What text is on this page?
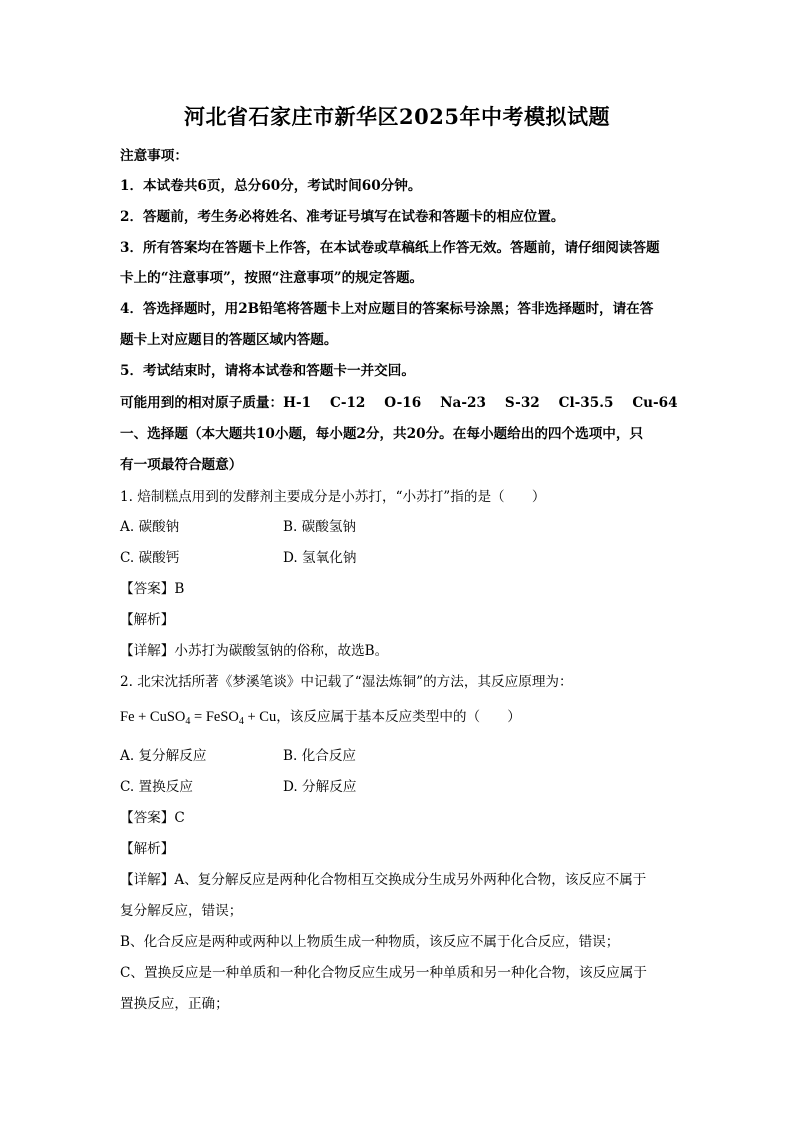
河北省石家庄市新华区2025年中考模拟试题
注意事项：
1．本试卷共6页，总分60分，考试时间60分钟。
2．答题前，考生务必将姓名、准考证号填写在试卷和答题卡的相应位置。
3．所有答案均在答题卡上作答，在本试卷或草稿纸上作答无效。答题前，请仔细阅读答题
卡上的“注意事项”，按照“注意事项”的规定答题。
4．答选择题时，用2B铅笔将答题卡上对应题目的答案标号涂黑；答非选择题时，请在答
题卡上对应题目的答题区域内答题。
5．考试结束时，请将本试卷和答题卡一并交回。
可能用到的相对原子质量：H-1    C-12    O-16    Na-23    S-32    Cl-35.5    Cu-64
一、选择题（本大题共10小题，每小题2分，共20分。在每小题给出的四个选项中，只
有一项最符合题意）
1. 焙制糕点用到的发酵剂主要成分是小苏打，“小苏打”指的是（　　）
A. 碳酸钠	B. 碳酸氢钠
C. 碳酸钙	D. 氢氧化钠
【答案】B
【解析】
【详解】小苏打为碳酸氢钠的俗称，故选B。
2. 北宋沈括所著《梦溪笔谈》中记载了“湿法炼铜”的方法，其反应原理为：
Fe + CuSO$_4$ = FeSO$_4$ + Cu，该反应属于基本反应类型中的（　　）
A. 复分解反应	B. 化合反应
C. 置换反应	D. 分解反应
【答案】C
【解析】
【详解】A、复分解反应是两种化合物相互交换成分生成另外两种化合物，该反应不属于
复分解反应，错误；
B、化合反应是两种或两种以上物质生成一种物质，该反应不属于化合反应，错误；
C、置换反应是一种单质和一种化合物反应生成另一种单质和另一种化合物，该反应属于
置换反应，正确；
